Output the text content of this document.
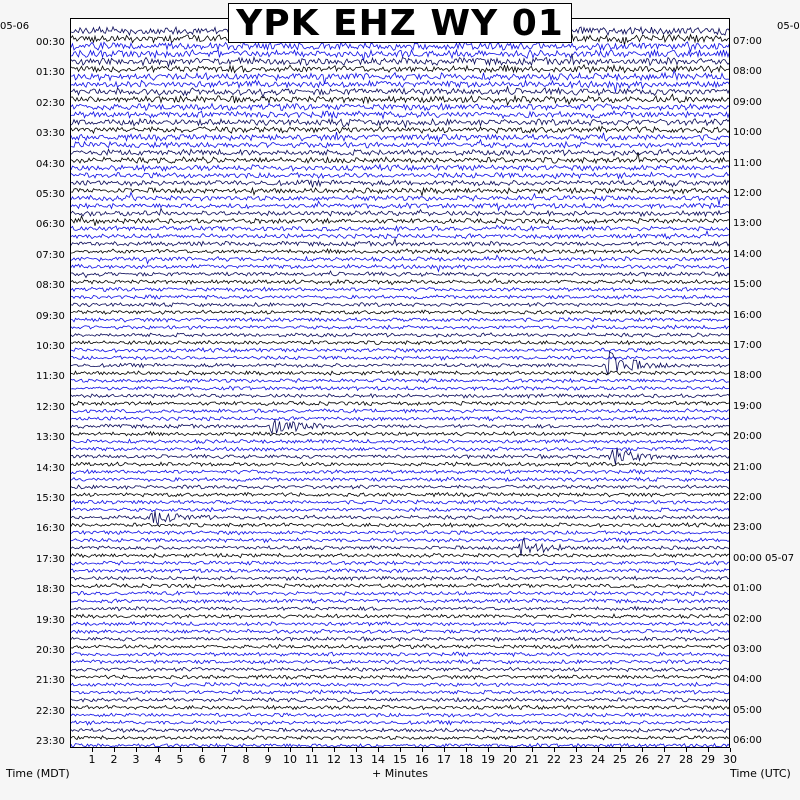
YPK EHZ WY 01
05-06	05-0
00:30
01:30
02:30
03:30
04:30
05:30
06:30
07:30
08:30
09:30
10:30
11:30
12:30
13:30
14:30
15:30
16:30
17:30
18:30
19:30
20:30
21:30
22:30
23:30
07:00
08:00
09:00
10:00
11:00
12:00
13:00
14:00
15:00
16:00
17:00
18:00
19:00
20:00
21:00
22:00
23:00
00:00 05-07
01:00
02:00
03:00
04:00
05:00
06:00
1 2 3 4 5 6 7 8 9 10 11 12 13 14 15 16 17 18 19 20 21 22 23 24 25 26 27 28 29 30
Time (MDT)	+ Minutes	Time (UTC)
